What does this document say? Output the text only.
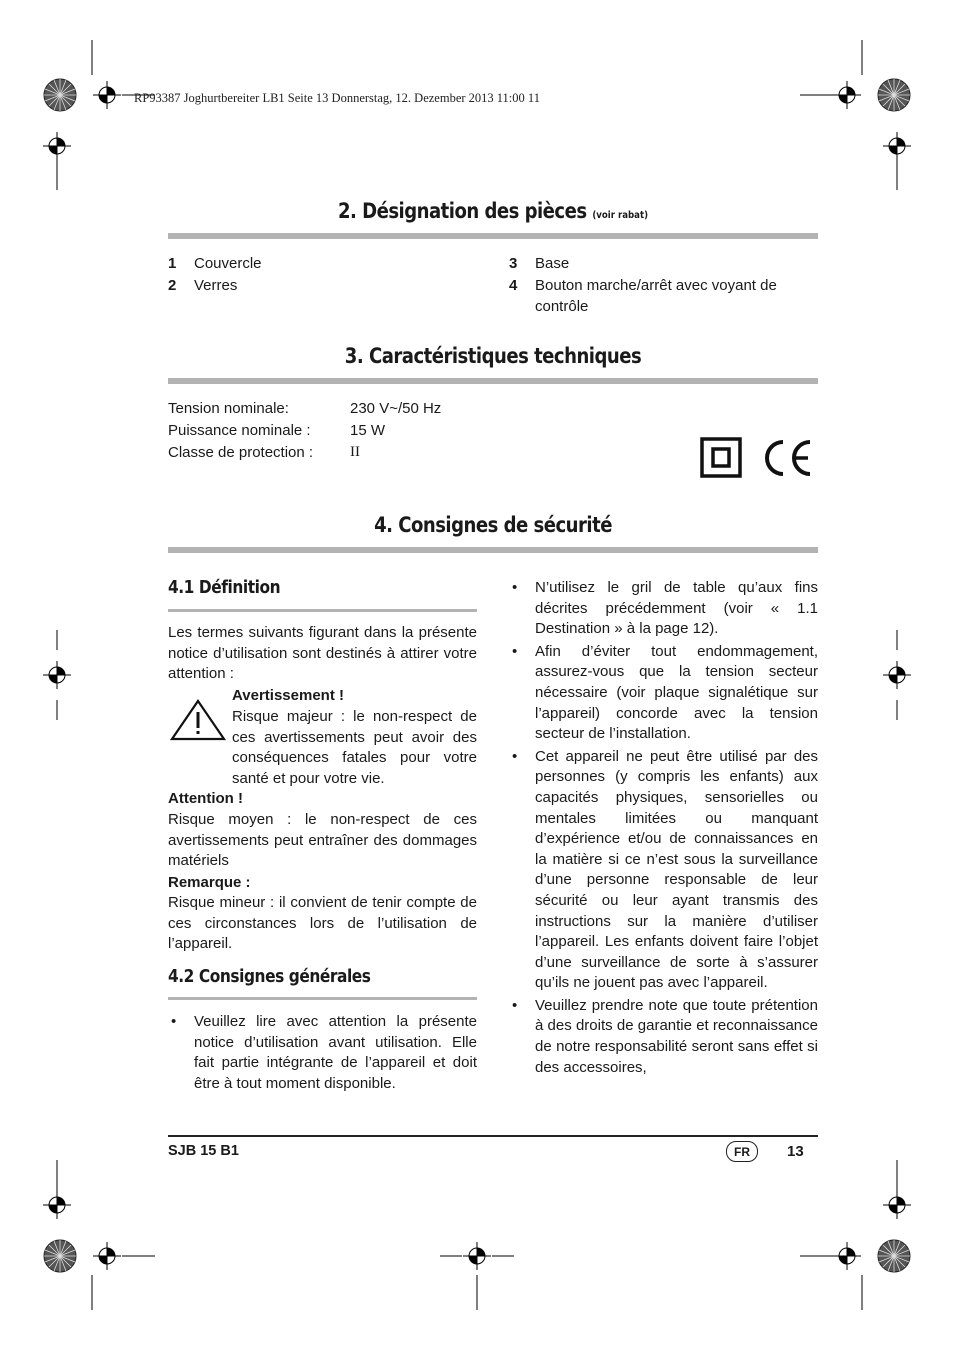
RP93387 Joghurtbereiter LB1 Seite 13 Donnerstag, 12. Dezember 2013 11:00 11
2. Désignation des pièces (voir rabat)
1 Couvercle
2 Verres
3 Base
4 Bouton marche/arrêt avec voyant de
contrôle
3. Caractéristiques techniques
Tension nominale:	230 V~/50 Hz
Puissance nominale :	15 W
Classe de protection : II
4. Consignes de sécurité
4.1 Définition
Les termes suivants figurant dans la présente notice d’utilisation sont destinés à attirer votre attention :
Avertissement !
Risque majeur : le non-respect de ces avertissements peut avoir des conséquences fatales pour votre santé et pour votre vie.
Attention !
Risque moyen : le non-respect de ces avertissements peut entraîner des dommages matériels
Remarque :
Risque mineur : il convient de tenir compte de ces circonstances lors de l’utilisation de l’appareil.
4.2 Consignes générales
• Veuillez lire avec attention la présente notice d’utilisation avant utilisation. Elle fait partie intégrante de l’appareil et doit être à tout moment disponible.
• N’utilisez le gril de table qu’aux fins décrites précédemment (voir « 1.1 Destination » à la page 12).
• Afin d’éviter tout endommagement, assurez-vous que la tension secteur nécessaire (voir plaque signalétique sur l’appareil) concorde avec la tension secteur de l’installation.
• Cet appareil ne peut être utilisé par des personnes (y compris les enfants) aux capacités physiques, sensorielles ou mentales limitées ou manquant d’expérience et/ou de connaissances en la matière si ce n’est sous la surveillance d’une personne responsable de leur sécurité ou leur ayant transmis des instructions sur la manière d’utiliser l’appareil. Les enfants doivent faire l’objet d’une surveillance de sorte à s’assurer qu’ils ne jouent pas avec l’appareil.
• Veuillez prendre note que toute prétention à des droits de garantie et reconnaissance de notre responsabilité seront sans effet si des accessoires,
SJB 15 B1	FR	13
